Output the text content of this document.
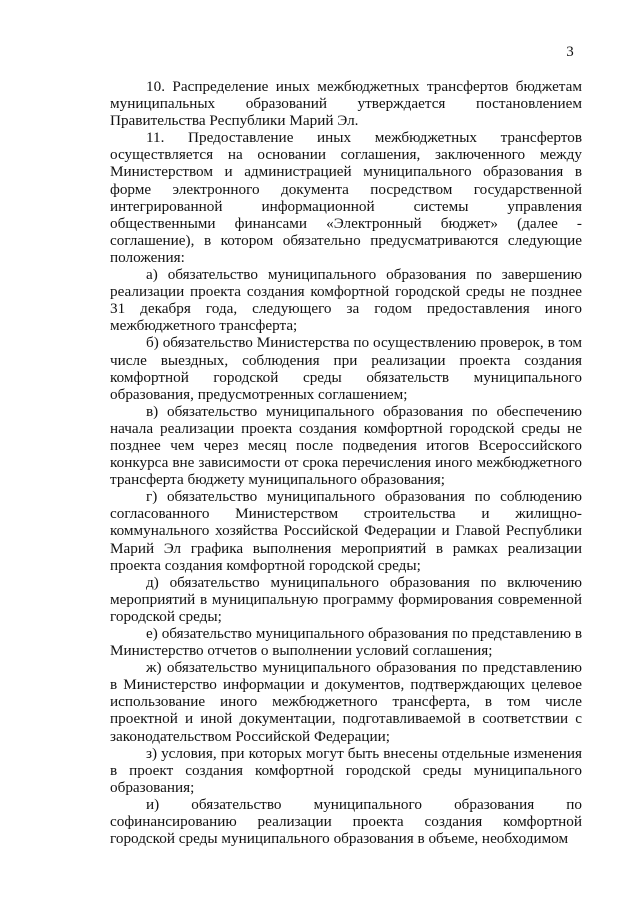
3

10. Распределение иных межбюджетных трансфертов бюджетам муниципальных образований утверждается постановлением Правительства Республики Марий Эл.

11. Предоставление иных межбюджетных трансфертов осуществляется на основании соглашения, заключенного между Министерством и администрацией муниципального образования в форме электронного документа посредством государственной интегрированной информационной системы управления общественными финансами «Электронный бюджет» (далее - соглашение), в котором обязательно предусматриваются следующие положения:

а) обязательство муниципального образования по завершению реализации проекта создания комфортной городской среды не позднее 31 декабря года, следующего за годом предоставления иного межбюджетного трансферта;

б) обязательство Министерства по осуществлению проверок, в том числе выездных, соблюдения при реализации проекта создания комфортной городской среды обязательств муниципального образования, предусмотренных соглашением;

в) обязательство муниципального образования по обеспечению начала реализации проекта создания комфортной городской среды не позднее чем через месяц после подведения итогов Всероссийского конкурса вне зависимости от срока перечисления иного межбюджетного трансферта бюджету муниципального образования;

г) обязательство муниципального образования по соблюдению согласованного Министерством строительства и жилищно-коммунального хозяйства Российской Федерации и Главой Республики Марий Эл графика выполнения мероприятий в рамках реализации проекта создания комфортной городской среды;

д) обязательство муниципального образования по включению мероприятий в муниципальную программу формирования современной городской среды;

е) обязательство муниципального образования по представлению в Министерство отчетов о выполнении условий соглашения;

ж) обязательство муниципального образования по представлению в Министерство информации и документов, подтверждающих целевое использование иного межбюджетного трансферта, в том числе проектной и иной документации, подготавливаемой в соответствии с законодательством Российской Федерации;

з) условия, при которых могут быть внесены отдельные изменения в проект создания комфортной городской среды муниципального образования;

и) обязательство муниципального образования по софинансированию реализации проекта создания комфортной городской среды муниципального образования в объеме, необходимом
